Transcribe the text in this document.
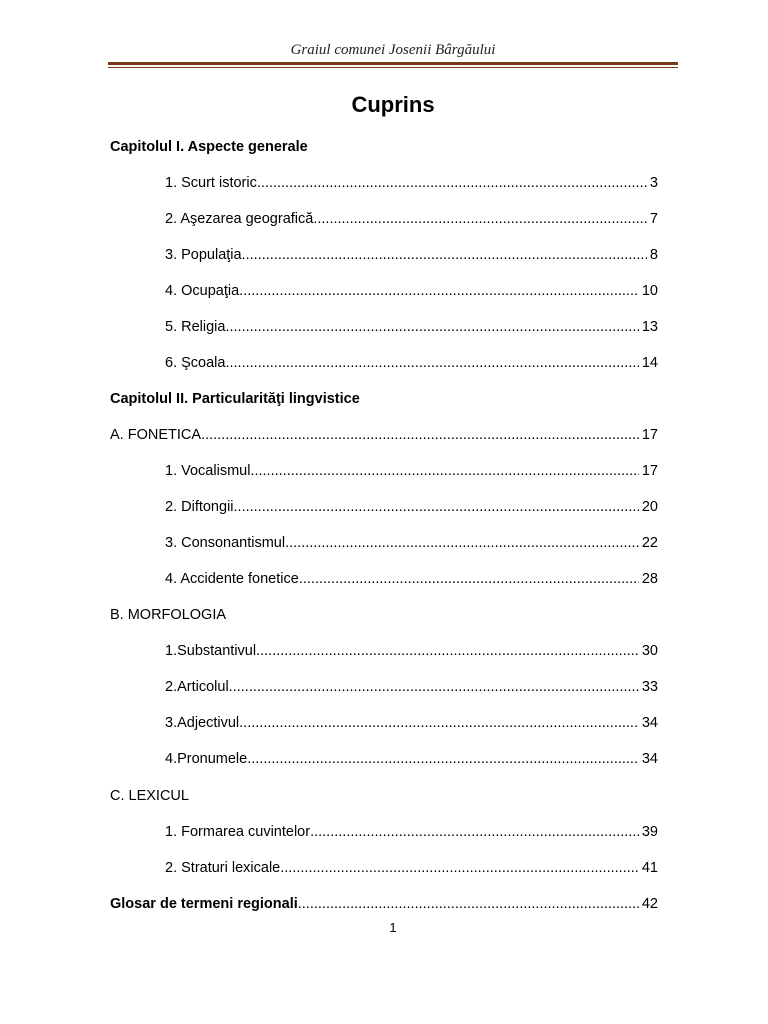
Graiul comunei Josenii Bârgăului
Cuprins
Capitolul I. Aspecte generale
1. Scurt istoric .....	3
2. Aşezarea geografică .....	7
3. Populaţia .....	8
4. Ocupaţia .....	10
5. Religia .....	13
6. Şcoala .....	14
Capitolul II. Particularităţi lingvistice
A. FONETICA .....	17
1. Vocalismul .....	17
2. Diftongii .....	20
3. Consonantismul .....	22
4. Accidente fonetice .....	28
B. MORFOLOGIA
1.Substantivul .....	30
2.Articolul .....	33
3.Adjectivul .....	34
4.Pronumele .....	34
C. LEXICUL
1. Formarea cuvintelor .....	39
2. Straturi lexicale .....	41
Glosar de termeni regionali .....	42
1
